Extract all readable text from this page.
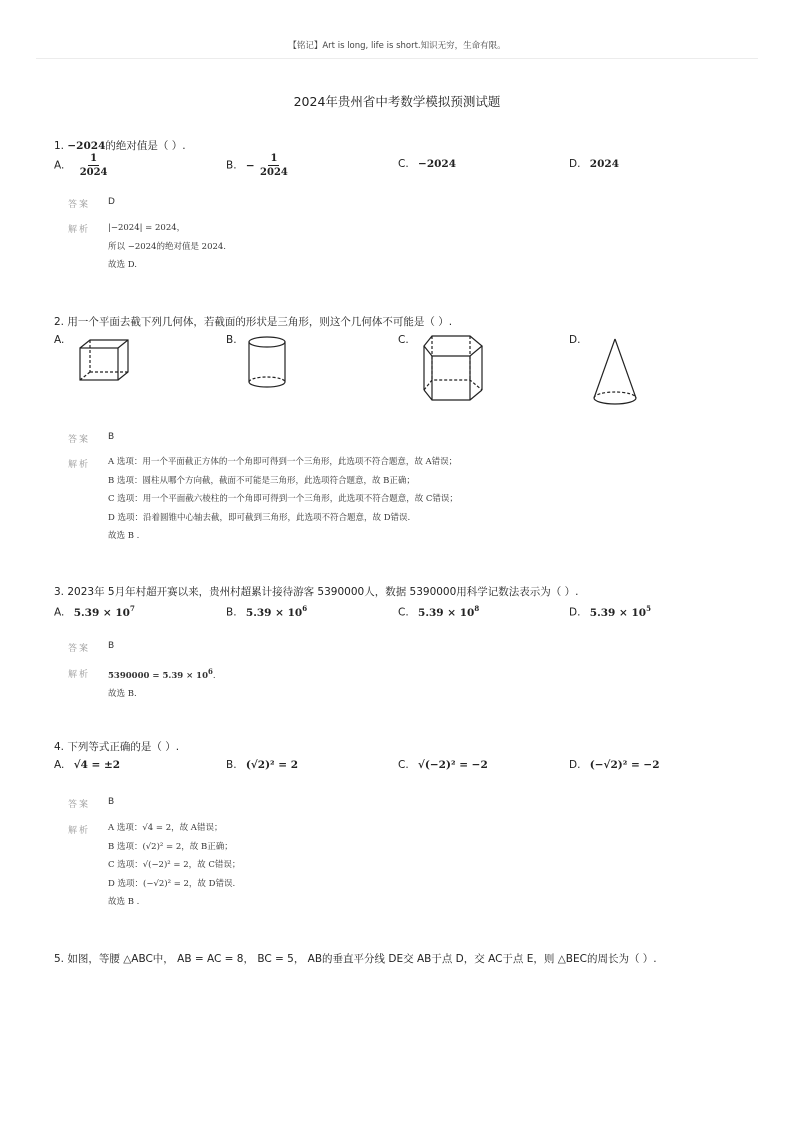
【铭记】Art is long, life is short.知识无穷，生命有限。
2024年贵州省中考数学模拟预测试题
1. −2024的绝对值是（ ）.
A. $\frac{1}{2024}$	B. − $\frac{1}{2024}$	C. −2024	D. 2024
答案 D
解析 |−2024| = 2024，
所以 −2024的绝对值是 2024.
故选 D.
2. 用一个平面去截下列几何体，若截面的形状是三角形，则这个几何体不可能是（ ）.
A.	B.	C.	D.
答案 B
解析 A 选项：用一个平面截正方体的一个角即可得到一个三角形，此选项不符合题意，故 A错误；
B 选项：圆柱从哪个方向截，截面不可能是三角形，此选项符合题意，故 B正确；
C 选项：用一个平面截六棱柱的一个角即可得到一个三角形，此选项不符合题意，故 C错误；
D 选项：沿着圆锥中心轴去截，即可截到三角形，此选项不符合题意，故 D错误.
故选 B .
3. 2023年 5月年村超开赛以来，贵州村超累计接待游客 5390000人，数据 5390000用科学记数法表示为（ ）.
A. $5.39 \times 10^7$	B. $5.39 \times 10^6$	C. $5.39 \times 10^8$	D. $5.39 \times 10^5$
答案 B
解析 $5390000 = 5.39 \times 10^6$.
故选 B.
4. 下列等式正确的是（ ）.
A. √4 = ±2	B. (√2)² = 2	C. √(−2)² = −2	D. (−√2)² = −2
答案 B
解析 A 选项：√4 = 2，故 A错误；
B 选项：(√2)² = 2，故 B正确；
C 选项：√(−2)² = 2，故 C错误；
D 选项：(−√2)² = 2，故 D错误.
故选 B .
5. 如图，等腰 △ABC中， AB = AC = 8， BC = 5， AB的垂直平分线 DE交 AB于点 D，交 AC于点 E，则 △BEC的周长为（ ）.
